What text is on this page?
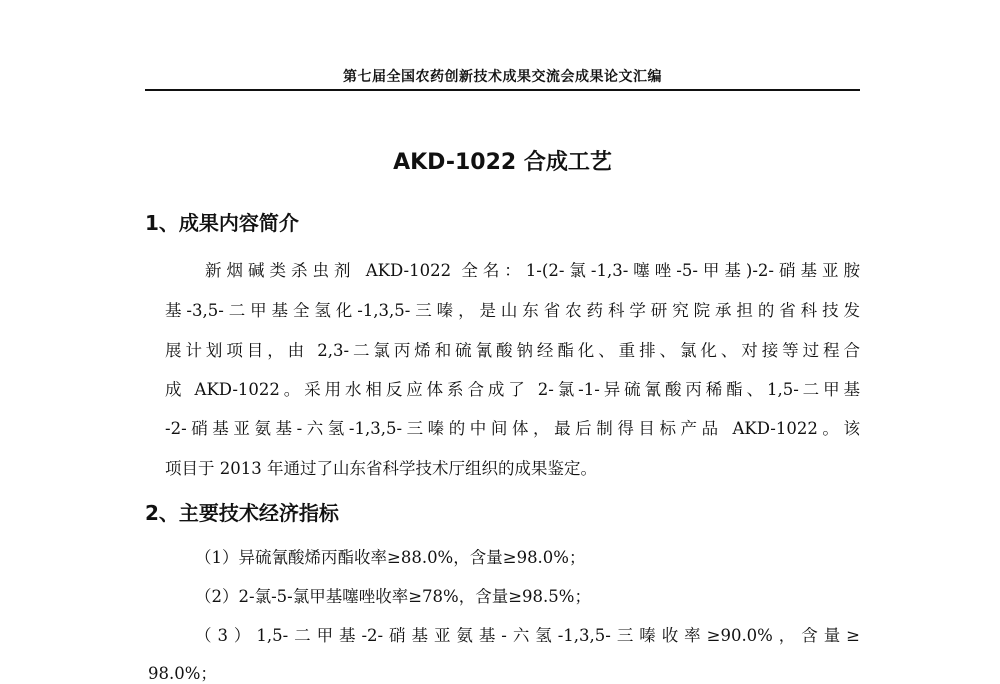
第七届全国农药创新技术成果交流会成果论文汇编
AKD-1022 合成工艺
1、成果内容简介
新烟碱类杀虫剂 AKD-1022 全名：1-(2-氯-1,3-噻唑-5-甲基)-2-硝基亚胺
基-3,5-二甲基全氢化-1,3,5-三嗪，是山东省农药科学研究院承担的省科技发
展计划项目，由 2,3-二氯丙烯和硫氰酸钠经酯化、重排、氯化、对接等过程合
成 AKD-1022。采用水相反应体系合成了 2-氯-1-异硫氰酸丙稀酯、1,5-二甲基
-2-硝基亚氨基-六氢-1,3,5-三嗪的中间体，最后制得目标产品 AKD-1022。该
项目于 2013 年通过了山东省科学技术厅组织的成果鉴定。
2、主要技术经济指标
（1）异硫氰酸烯丙酯收率≥88.0%，含量≥98.0%；
（2）2-氯-5-氯甲基噻唑收率≥78%，含量≥98.5%；
（3）1,5-二甲基-2-硝基亚氨基-六氢-1,3,5-三嗪收率≥90.0%，含量≥
98.0%；
